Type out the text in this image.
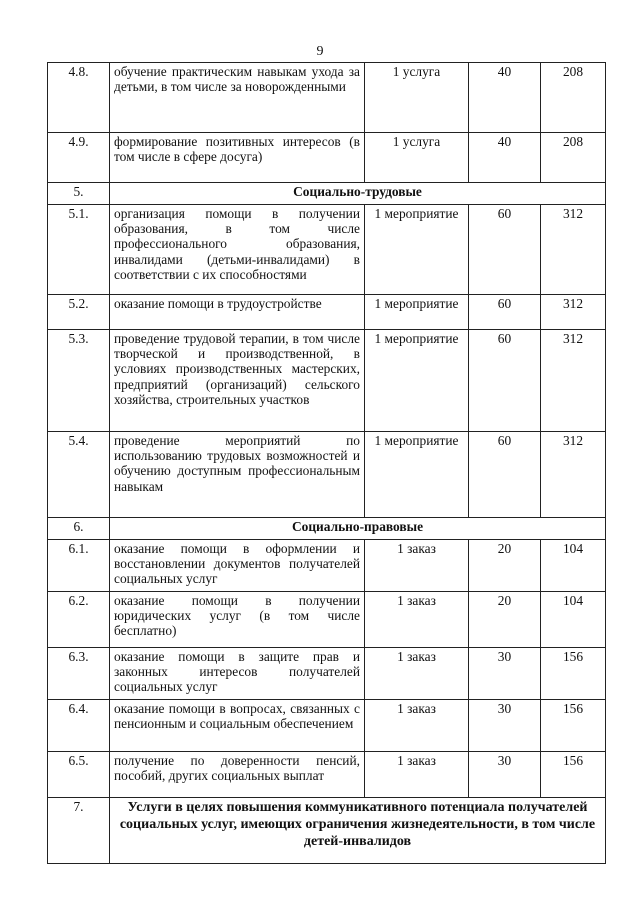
9
4.8.	обучение практическим навыкам ухода за детьми, в том числе за новорожденными	1 услуга	40	208
4.9.	формирование позитивных интересов (в том числе в сфере досуга)	1 услуга	40	208
5.	Социально-трудовые			
5.1.	организация помощи в получении образования, в том числе профессионального образования, инвалидами (детьми-инвалидами) в соответствии с их способностями	1 мероприятие	60	312
5.2.	оказание помощи в трудоустройстве	1 мероприятие	60	312
5.3.	проведение трудовой терапии, в том числе творческой и производственной, в условиях производственных мастерских, предприятий (организаций) сельского хозяйства, строительных участков	1 мероприятие	60	312
5.4.	проведение мероприятий по использованию трудовых возможностей и обучению доступным профессиональным навыкам	1 мероприятие	60	312
6.	Социально-правовые			
6.1.	оказание помощи в оформлении и восстановлении документов получателей социальных услуг	1 заказ	20	104
6.2.	оказание помощи в получении юридических услуг (в том числе бесплатно)	1 заказ	20	104
6.3.	оказание помощи в защите прав и законных интересов получателей социальных услуг	1 заказ	30	156
6.4.	оказание помощи в вопросах, связанных с пенсионным и социальным обеспечением	1 заказ	30	156
6.5.	получение по доверенности пенсий, пособий, других социальных выплат	1 заказ	30	156
7.	Услуги в целях повышения коммуникативного потенциала получателей социальных услуг, имеющих ограничения жизнедеятельности, в том числе детей-инвалидов			
